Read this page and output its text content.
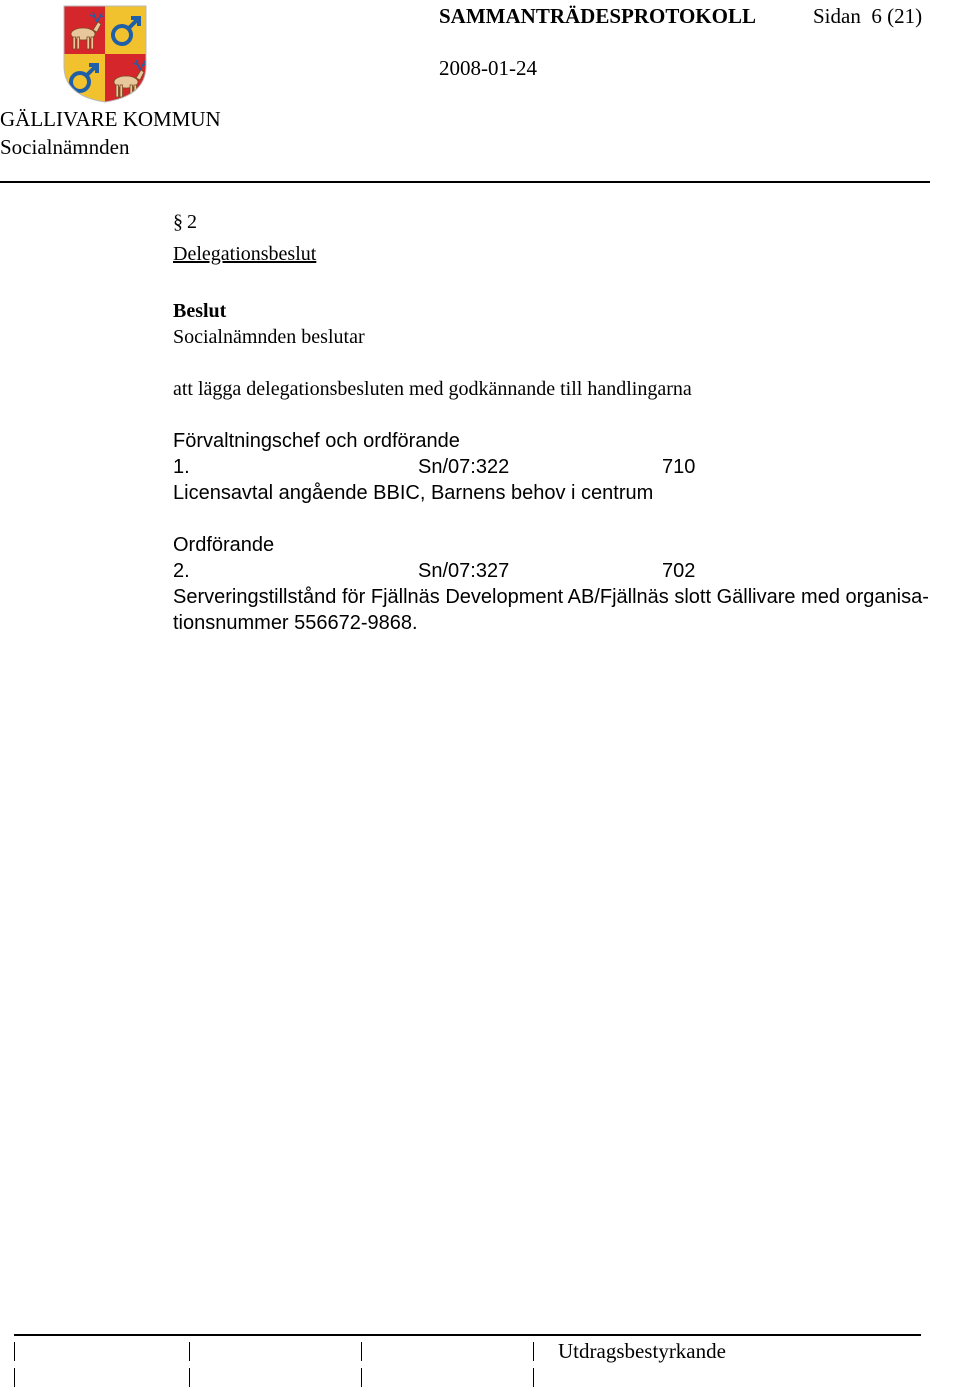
GÄLLIVARE KOMMUN
Socialnämnden
SAMMANTRÄDESPROTOKOLL	Sidan  6 (21)
2008-01-24
§ 2
Delegationsbeslut
Beslut
Socialnämnden beslutar
att lägga delegationsbesluten med godkännande till handlingarna
Förvaltningschef och ordförande
1.	Sn/07:322	710
Licensavtal angående BBIC, Barnens behov i centrum
Ordförande
2.	Sn/07:327	702
Serveringstillstånd för Fjällnäs Development AB/Fjällnäs slott Gällivare med organisa-
tionsnummer 556672-9868.
Utdragsbestyrkande
